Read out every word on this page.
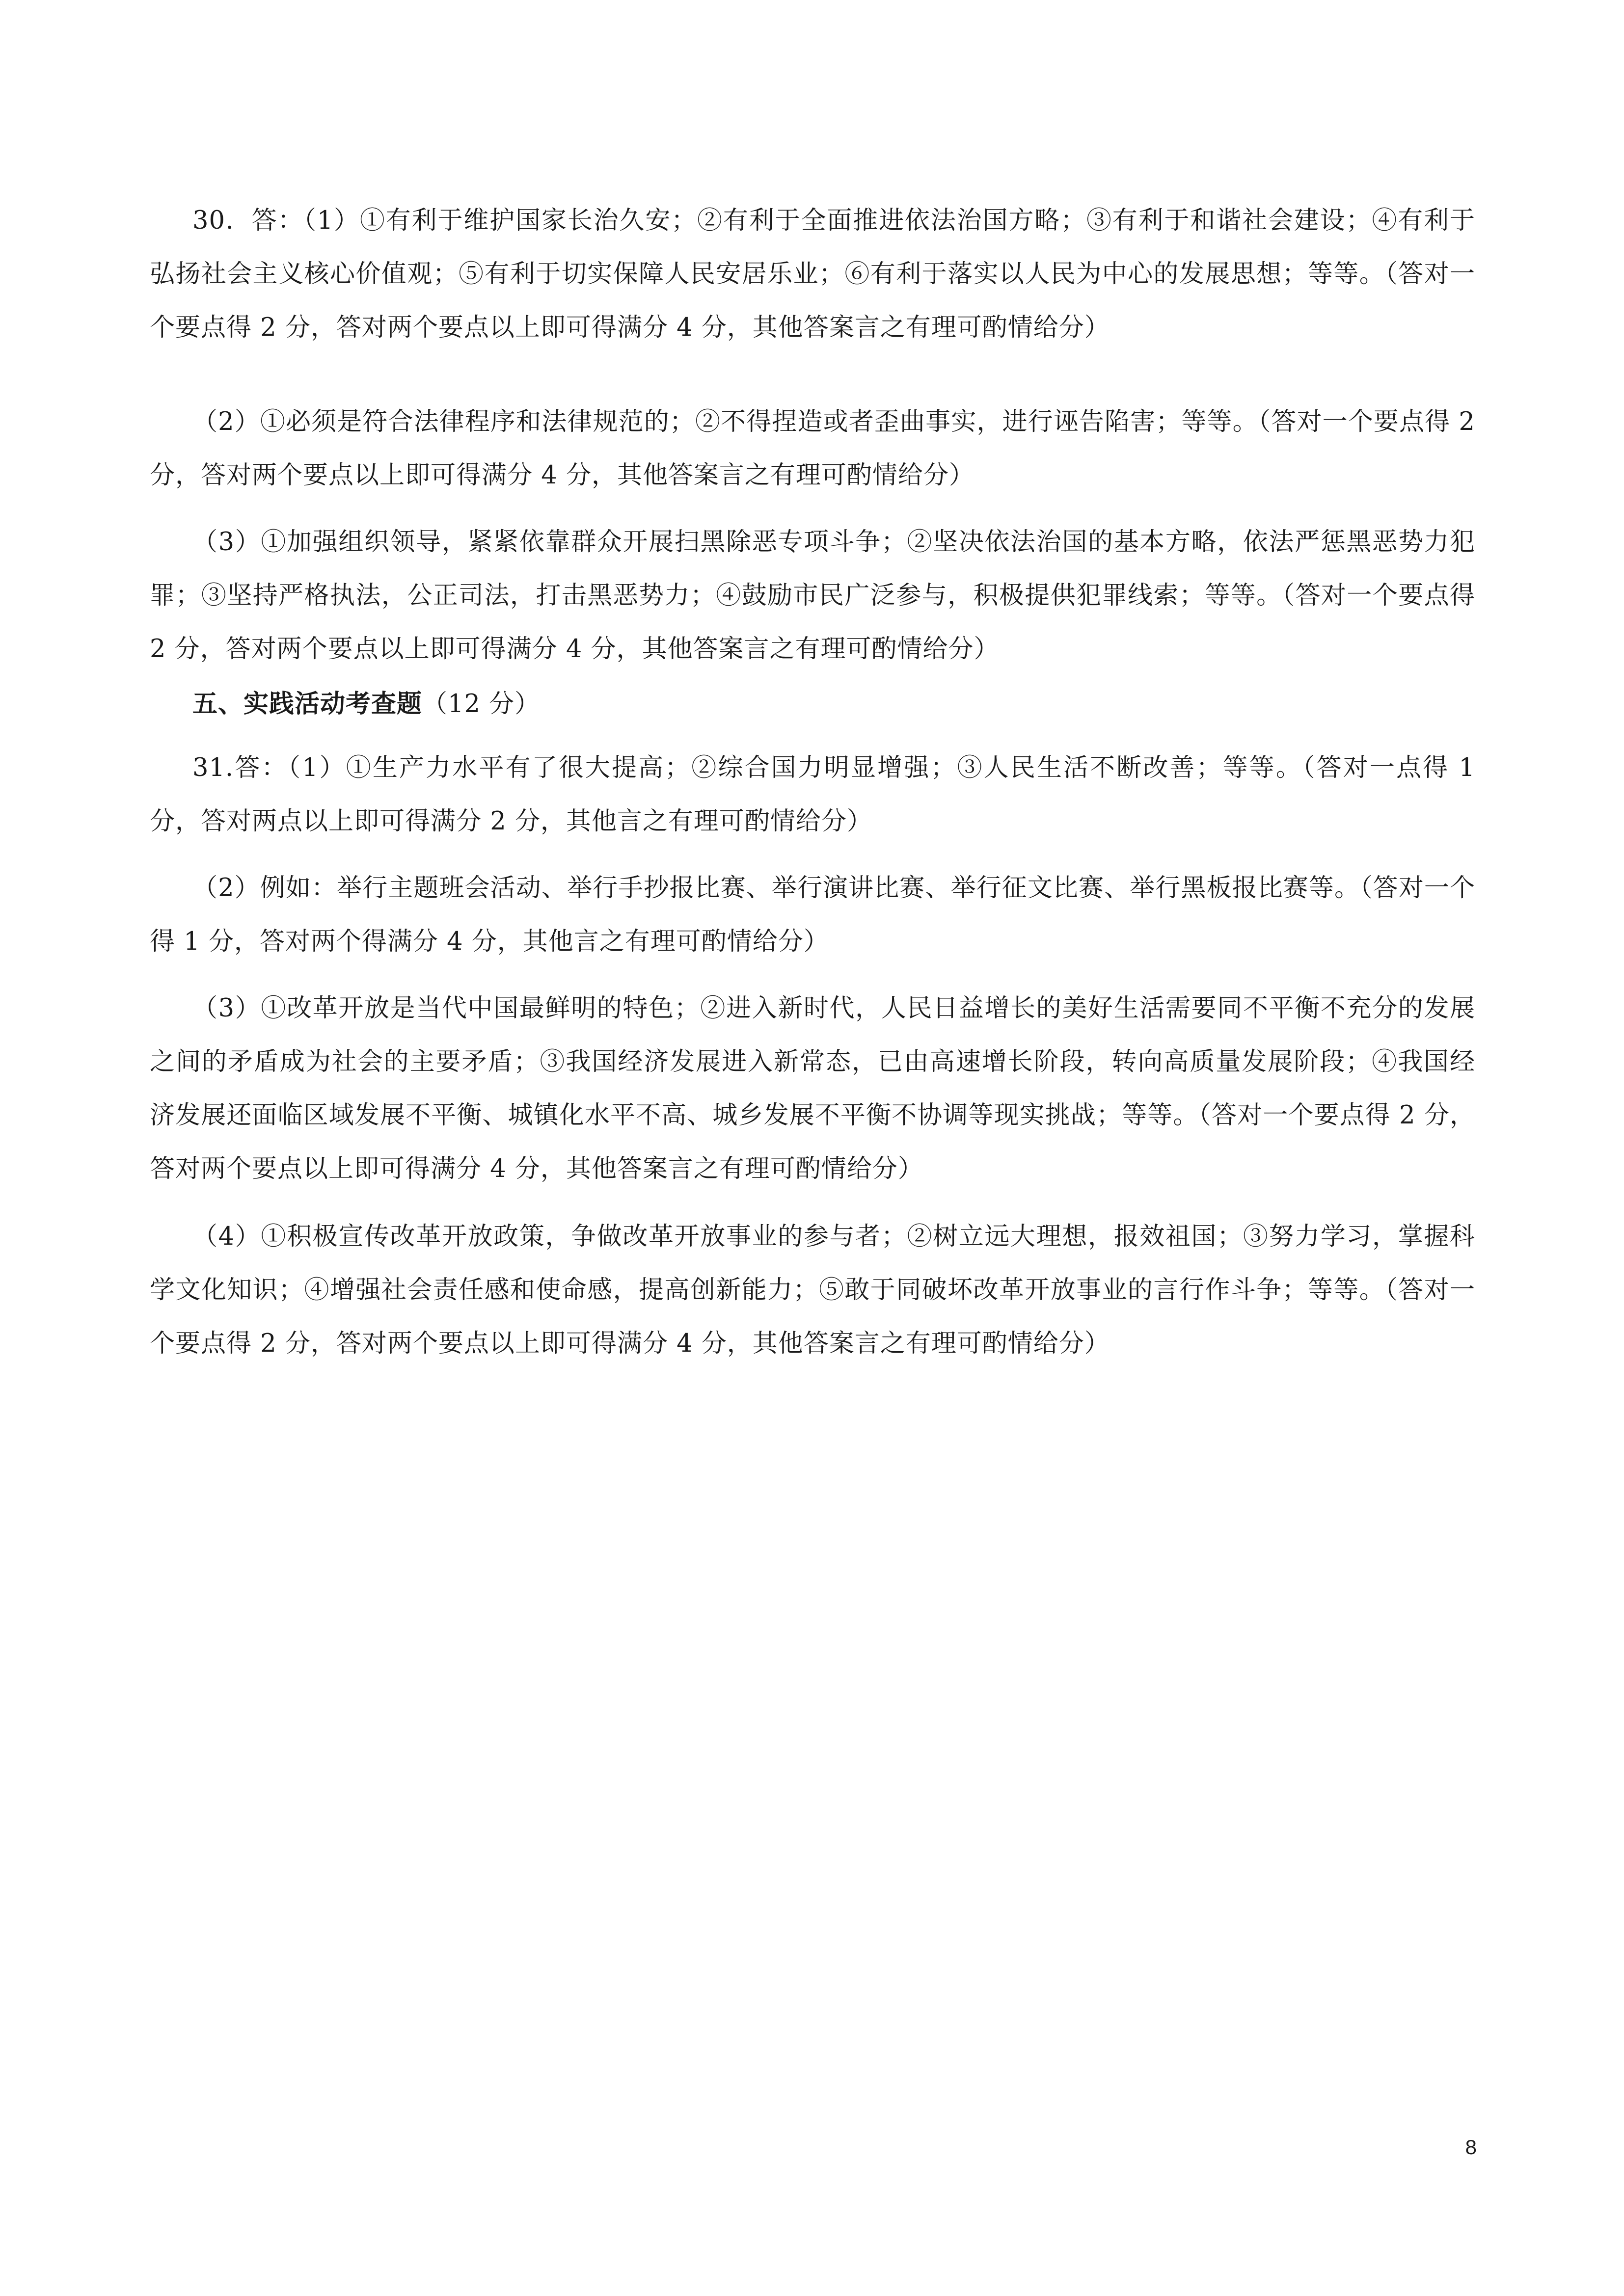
30．答：（1）①有利于维护国家长治久安；②有利于全面推进依法治国方略；③有利于和谐社会建设；④有利于弘扬社会主义核心价值观；⑤有利于切实保障人民安居乐业；⑥有利于落实以人民为中心的发展思想；等等。（答对一个要点得 2 分，答对两个要点以上即可得满分 4 分，其他答案言之有理可酌情给分）

（2）①必须是符合法律程序和法律规范的；②不得捏造或者歪曲事实，进行诬告陷害；等等。（答对一个要点得 2 分，答对两个要点以上即可得满分 4 分，其他答案言之有理可酌情给分）

（3）①加强组织领导，紧紧依靠群众开展扫黑除恶专项斗争；②坚决依法治国的基本方略，依法严惩黑恶势力犯罪；③坚持严格执法，公正司法，打击黑恶势力；④鼓励市民广泛参与，积极提供犯罪线索；等等。（答对一个要点得 2 分，答对两个要点以上即可得满分 4 分，其他答案言之有理可酌情给分）

五、实践活动考查题（12 分）

31.答：（1）①生产力水平有了很大提高；②综合国力明显增强；③人民生活不断改善；等等。（答对一点得 1 分，答对两点以上即可得满分 2 分，其他言之有理可酌情给分）

（2）例如：举行主题班会活动、举行手抄报比赛、举行演讲比赛、举行征文比赛、举行黑板报比赛等。（答对一个得 1 分，答对两个得满分 4 分，其他言之有理可酌情给分）

（3）①改革开放是当代中国最鲜明的特色；②进入新时代，人民日益增长的美好生活需要同不平衡不充分的发展之间的矛盾成为社会的主要矛盾；③我国经济发展进入新常态，已由高速增长阶段，转向高质量发展阶段；④我国经济发展还面临区域发展不平衡、城镇化水平不高、城乡发展不平衡不协调等现实挑战；等等。（答对一个要点得 2 分，答对两个要点以上即可得满分 4 分，其他答案言之有理可酌情给分）

（4）①积极宣传改革开放政策，争做改革开放事业的参与者；②树立远大理想，报效祖国；③努力学习，掌握科学文化知识；④增强社会责任感和使命感，提高创新能力；⑤敢于同破坏改革开放事业的言行作斗争；等等。（答对一个要点得 2 分，答对两个要点以上即可得满分 4 分，其他答案言之有理可酌情给分）

8
